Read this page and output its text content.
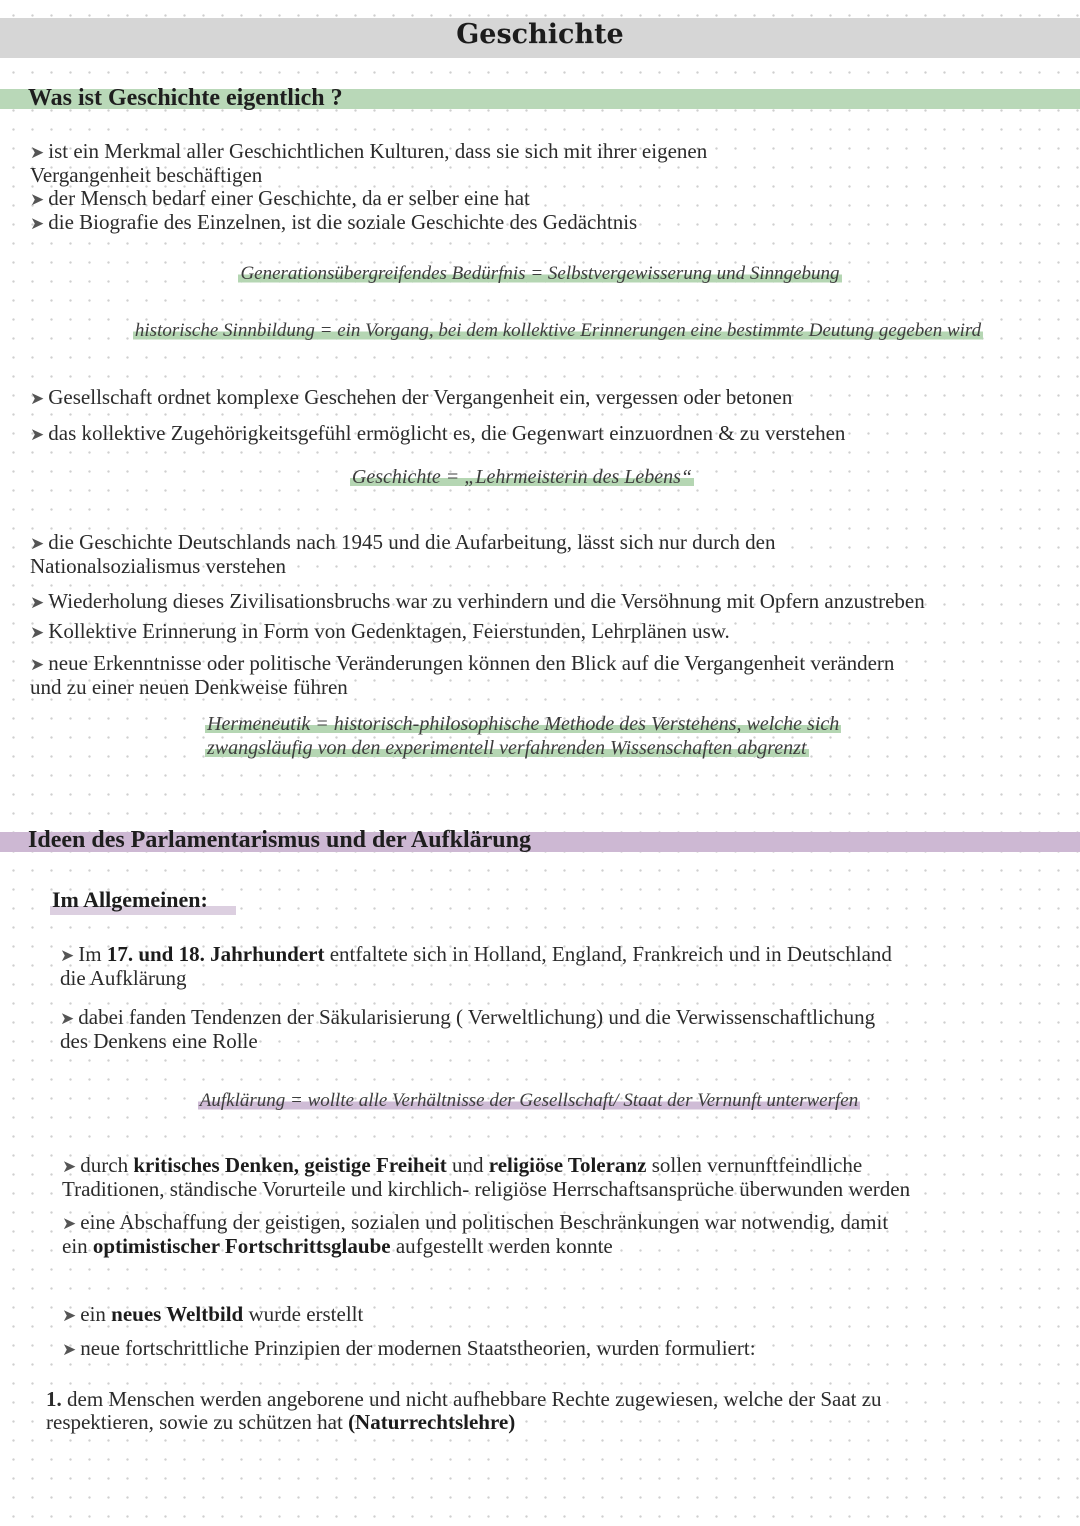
Geschichte
Was ist Geschichte eigentlich ?
➤ ist ein Merkmal aller Geschichtlichen Kulturen, dass sie sich mit ihrer eigenen
Vergangenheit beschäftigen
➤ der Mensch bedarf einer Geschichte, da er selber eine hat
➤ die Biografie des Einzelnen, ist die soziale Geschichte des Gedächtnis
Generationsübergreifendes Bedürfnis = Selbstvergewisserung und Sinngebung
historische Sinnbildung = ein Vorgang, bei dem kollektive Erinnerungen eine bestimmte Deutung gegeben wird
➤ Gesellschaft ordnet komplexe Geschehen der Vergangenheit ein, vergessen oder betonen
➤ das kollektive Zugehörigkeitsgefühl ermöglicht es, die Gegenwart einzuordnen & zu verstehen
Geschichte = „Lehrmeisterin des Lebens“
➤ die Geschichte Deutschlands nach 1945 und die Aufarbeitung, lässt sich nur durch den
Nationalsozialismus verstehen
➤ Wiederholung dieses Zivilisationsbruchs war zu verhindern und die Versöhnung mit Opfern anzustreben
➤ Kollektive Erinnerung in Form von Gedenktagen, Feierstunden, Lehrplänen usw.
➤ neue Erkenntnisse oder politische Veränderungen können den Blick auf die Vergangenheit verändern
und zu einer neuen Denkweise führen
Hermeneutik = historisch-philosophische Methode des Verstehens, welche sich
zwangsläufig von den experimentell verfahrenden Wissenschaften abgrenzt
Ideen des Parlamentarismus und der Aufklärung
Im Allgemeinen:
➤ Im 17. und 18. Jahrhundert entfaltete sich in Holland, England, Frankreich und in Deutschland
die Aufklärung
➤ dabei fanden Tendenzen der Säkularisierung ( Verweltlichung) und die Verwissenschaftlichung
des Denkens eine Rolle
Aufklärung = wollte alle Verhältnisse der Gesellschaft/ Staat der Vernunft unterwerfen
➤ durch kritisches Denken, geistige Freiheit und religiöse Toleranz sollen vernunftfeindliche
Traditionen, ständische Vorurteile und kirchlich- religiöse Herrschaftsansprüche überwunden werden
➤ eine Abschaffung der geistigen, sozialen und politischen Beschränkungen war notwendig, damit
ein optimistischer Fortschrittsglaube aufgestellt werden konnte
➤ ein neues Weltbild wurde erstellt
➤ neue fortschrittliche Prinzipien der modernen Staatstheorien, wurden formuliert:
1. dem Menschen werden angeborene und nicht aufhebbare Rechte zugewiesen, welche der Saat zu
respektieren, sowie zu schützen hat (Naturrechtslehre)
